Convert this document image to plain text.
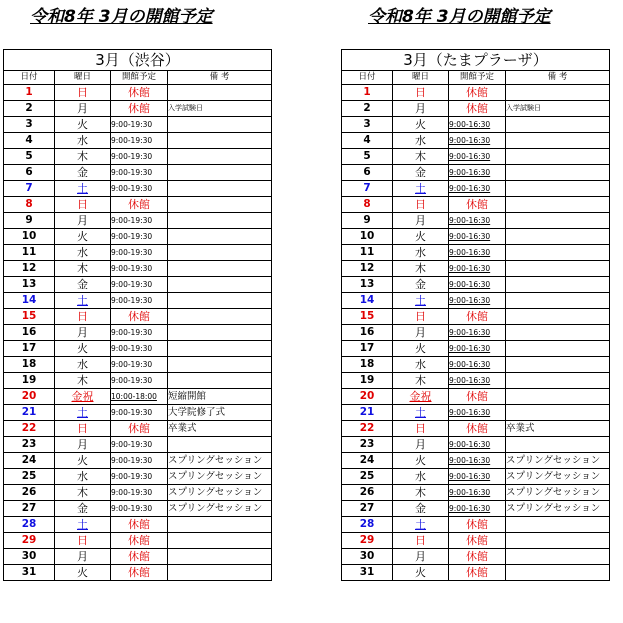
令和8年 3月の開館予定	令和8年 3月の開館予定
3月（渋谷）			
日付	曜日	開館予定	備 考
1	日	休館	
2	月	休館	入学試験日
3	火	9:00-19:30	
4	水	9:00-19:30	
5	木	9:00-19:30	
6	金	9:00-19:30	
7	土	9:00-19:30	
8	日	休館	
9	月	9:00-19:30	
10	火	9:00-19:30	
11	水	9:00-19:30	
12	木	9:00-19:30	
13	金	9:00-19:30	
14	土	9:00-19:30	
15	日	休館	
16	月	9:00-19:30	
17	火	9:00-19:30	
18	水	9:00-19:30	
19	木	9:00-19:30	
20	金祝	10:00-18:00	短縮開館
21	土	9:00-19:30	大学院修了式
22	日	休館	卒業式
23	月	9:00-19:30	
24	火	9:00-19:30	スプリングセッション
25	水	9:00-19:30	スプリングセッション
26	木	9:00-19:30	スプリングセッション
27	金	9:00-19:30	スプリングセッション
28	土	休館	
29	日	休館	
30	月	休館	
31	火	休館	
3月（たまプラーザ）			
日付	曜日	開館予定	備 考
1	日	休館	
2	月	休館	入学試験日
3	火	9:00-16:30	
4	水	9:00-16:30	
5	木	9:00-16:30	
6	金	9:00-16:30	
7	土	9:00-16:30	
8	日	休館	
9	月	9:00-16:30	
10	火	9:00-16:30	
11	水	9:00-16:30	
12	木	9:00-16:30	
13	金	9:00-16:30	
14	土	9:00-16:30	
15	日	休館	
16	月	9:00-16:30	
17	火	9:00-16:30	
18	水	9:00-16:30	
19	木	9:00-16:30	
20	金祝	休館	
21	土	9:00-16:30	
22	日	休館	卒業式
23	月	9:00-16:30	
24	火	9:00-16:30	スプリングセッション
25	水	9:00-16:30	スプリングセッション
26	木	9:00-16:30	スプリングセッション
27	金	9:00-16:30	スプリングセッション
28	土	休館	
29	日	休館	
30	月	休館	
31	火	休館	
